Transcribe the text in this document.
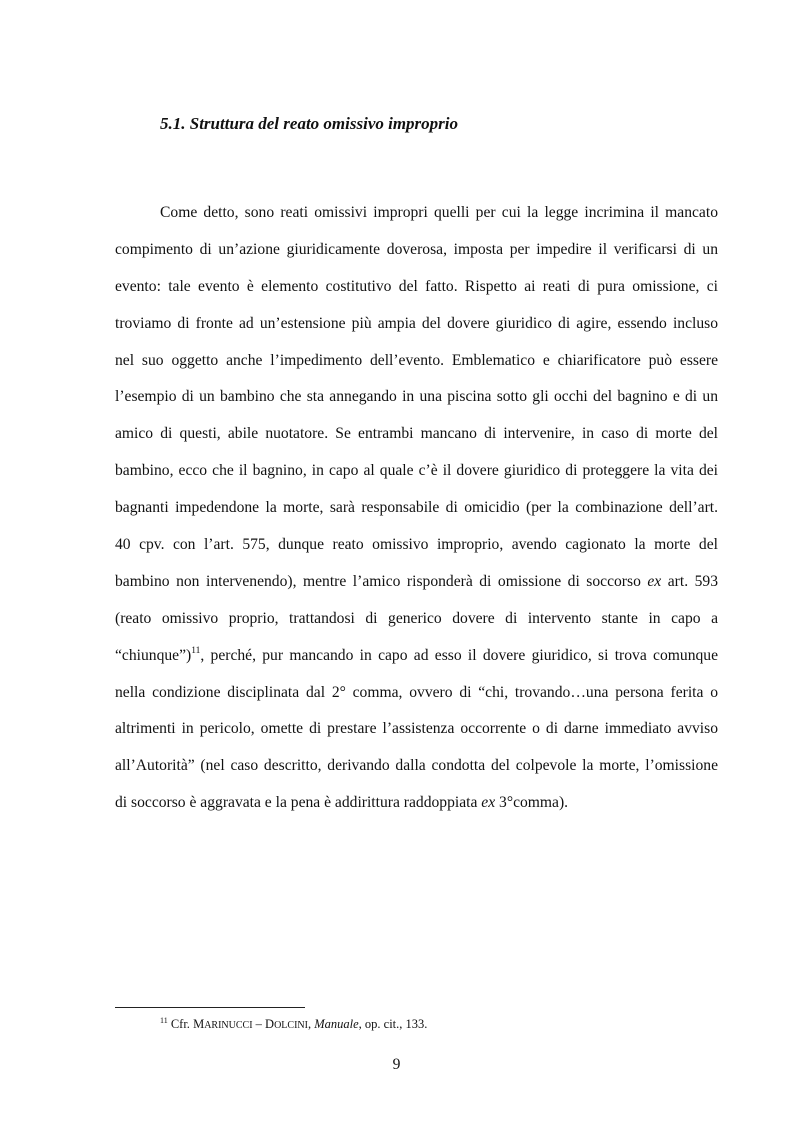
5.1. Struttura del reato omissivo improprio
Come detto, sono reati omissivi impropri quelli per cui la legge incrimina il mancato
compimento di un’azione giuridicamente doverosa, imposta per impedire il verificarsi di un
evento: tale evento è elemento costitutivo del fatto. Rispetto ai reati di pura omissione, ci
troviamo di fronte ad un’estensione più ampia del dovere giuridico di agire, essendo incluso
nel suo oggetto anche l’impedimento dell’evento. Emblematico e chiarificatore può essere
l’esempio di un bambino che sta annegando in una piscina sotto gli occhi del bagnino e di un
amico di questi, abile nuotatore. Se entrambi mancano di intervenire, in caso di morte del
bambino, ecco che il bagnino, in capo al quale c’è il dovere giuridico di proteggere la vita dei
bagnanti impedendone la morte, sarà responsabile di omicidio (per la combinazione dell’art.
40 cpv. con l’art. 575, dunque reato omissivo improprio, avendo cagionato la morte del
bambino non intervenendo), mentre l’amico risponderà di omissione di soccorso ex art. 593
(reato omissivo proprio, trattandosi di generico dovere di intervento stante in capo a
“chiunque”)$^{11}$, perché, pur mancando in capo ad esso il dovere giuridico, si trova comunque
nella condizione disciplinata dal 2° comma, ovvero di “chi, trovando…una persona ferita o
altrimenti in pericolo, omette di prestare l’assistenza occorrente o di darne immediato avviso
all’Autorità” (nel caso descritto, derivando dalla condotta del colpevole la morte, l’omissione
di soccorso è aggravata e la pena è addirittura raddoppiata ex 3°comma).
$^{11}$ Cfr. MARINUCCI – DOLCINI, Manuale, op. cit., 133.
9
